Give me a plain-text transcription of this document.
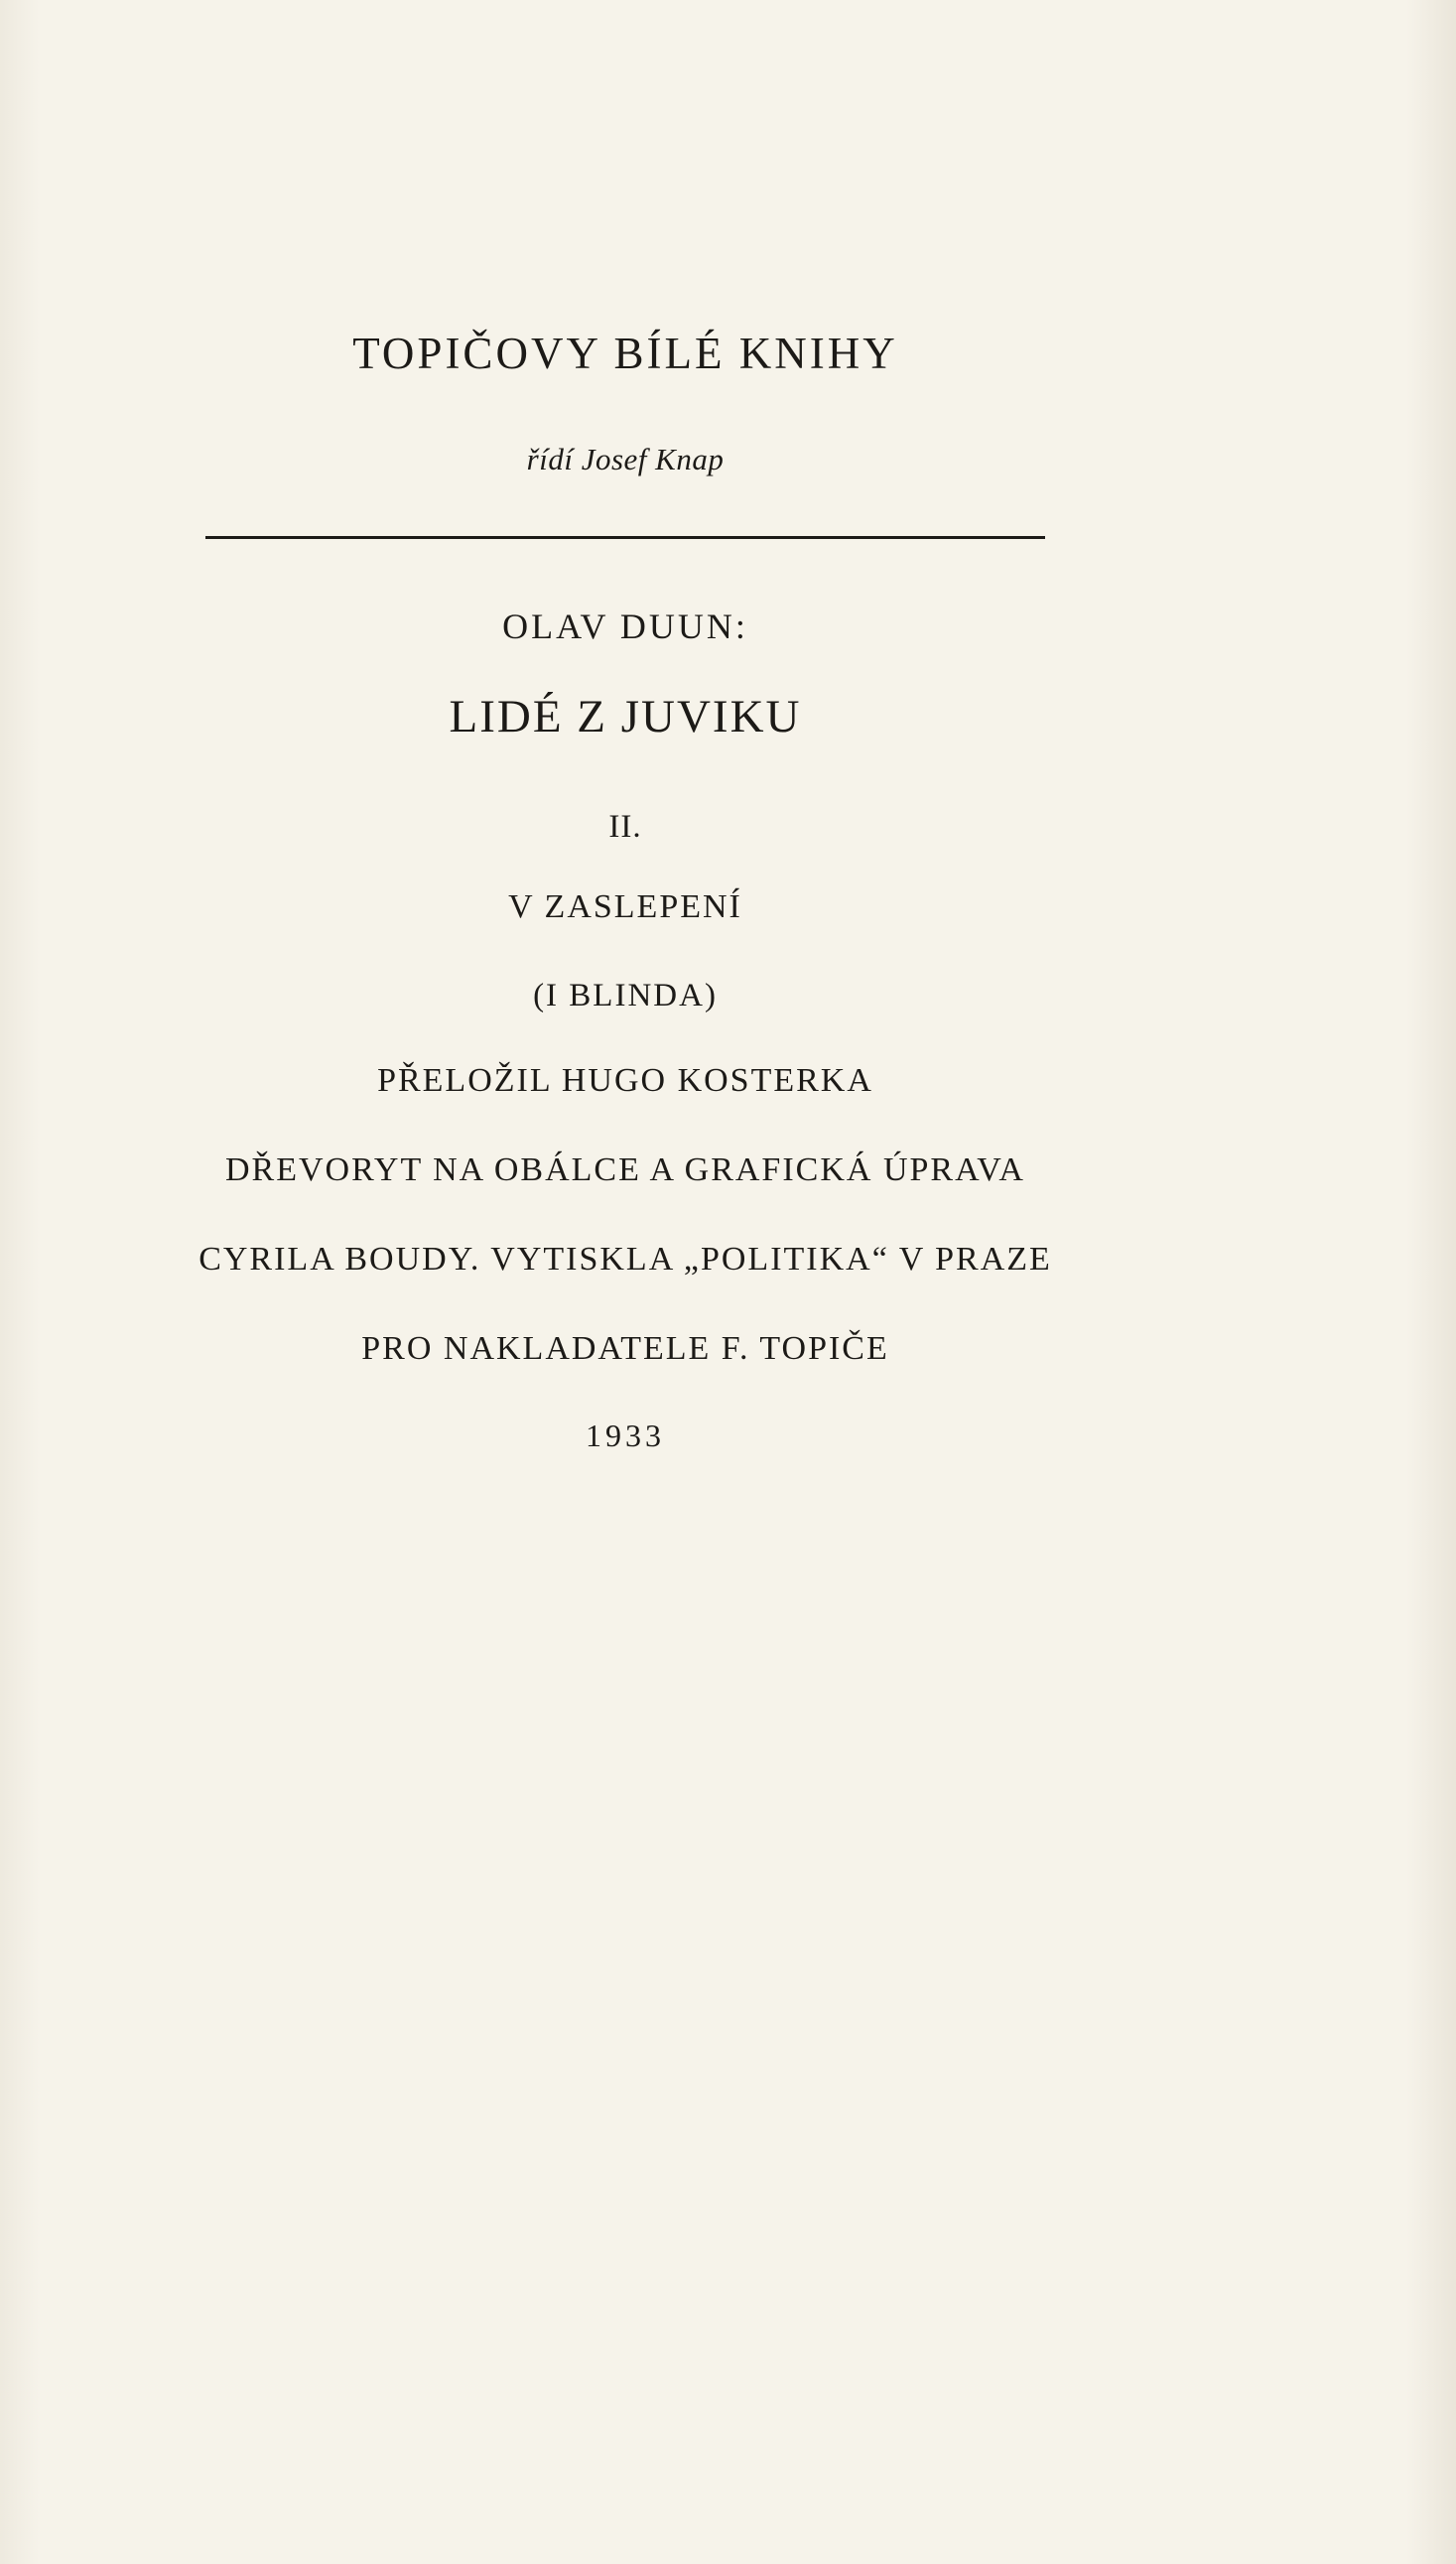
TOPIČOVY BÍLÉ KNIHY
řídí Josef Knap
OLAV DUUN:
LIDÉ Z JUVIKU
II.
V ZASLEPENÍ
(I BLINDA)
PŘELOŽIL HUGO KOSTERKA
DŘEVORYT NA OBÁLCE A GRAFICKÁ ÚPRAVA
CYRILA BOUDY. VYTISKLA „POLITIKA“ V PRAZE
PRO NAKLADATELE F. TOPIČE
1933
